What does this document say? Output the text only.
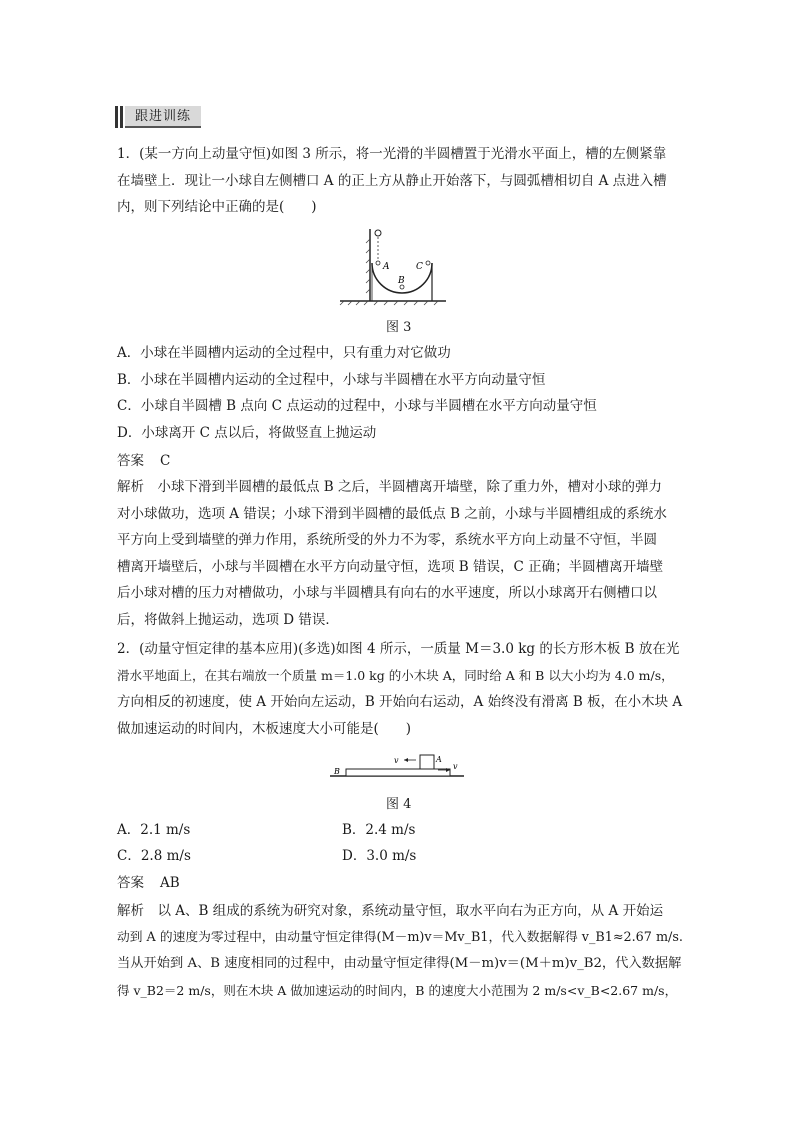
跟进训练
1．(某一方向上动量守恒)如图 3 所示，将一光滑的半圆槽置于光滑水平面上，槽的左侧紧靠
在墙壁上．现让一小球自左侧槽口 A 的正上方从静止开始落下，与圆弧槽相切自 A 点进入槽
内，则下列结论中正确的是(　　)
A	C
B
图 3
A．小球在半圆槽内运动的全过程中，只有重力对它做功
B．小球在半圆槽内运动的全过程中，小球与半圆槽在水平方向动量守恒
C．小球自半圆槽 B 点向 C 点运动的过程中，小球与半圆槽在水平方向动量守恒
D．小球离开 C 点以后，将做竖直上抛运动
答案 C
解析　 小球下滑到半圆槽的最低点 B 之后，半圆槽离开墙壁，除了重力外，槽对小球的弹力
对小球做功，选项 A 错误；小球下滑到半圆槽的最低点 B 之前，小球与半圆槽组成的系统水
平方向上受到墙壁的弹力作用，系统所受的外力不为零，系统水平方向上动量不守恒，半圆
槽离开墙壁后，小球与半圆槽在水平方向动量守恒，选项 B 错误，C 正确；半圆槽离开墙壁
后小球对槽的压力对槽做功，小球与半圆槽具有向右的水平速度，所以小球离开右侧槽口以
后，将做斜上抛运动，选项 D 错误．
2．(动量守恒定律的基本应用)(多选)如图 4 所示，一质量 M＝3.0 kg 的长方形木板 B 放在光
滑水平地面上，在其右端放一个质量 m＝1.0 kg 的小木块 A，同时给 A 和 B 以大小均为 4.0 m/s，
方向相反的初速度，使 A 开始向左运动，B 开始向右运动，A 始终没有滑离 B 板，在小木块 A
做加速运动的时间内，木板速度大小可能是(　　)
v	A
v
B
图 4
A．2.1 m/s	B．2.4 m/s
C．2.8 m/s	D．3.0 m/s
答案 AB
解析　 以 A、B 组成的系统为研究对象，系统动量守恒，取水平向右为正方向，从 A 开始运
动到 A 的速度为零过程中，由动量守恒定律得(M－m)v＝Mv_B1，代入数据解得 v_B1≈2.67 m/s.
当从开始到 A、B 速度相同的过程中，由动量守恒定律得(M－m)v＝(M＋m)v_B2，代入数据解
得 v_B2＝2 m/s，则在木块 A 做加速运动的时间内，B 的速度大小范围为 2 m/s<v_B<2.67 m/s，
